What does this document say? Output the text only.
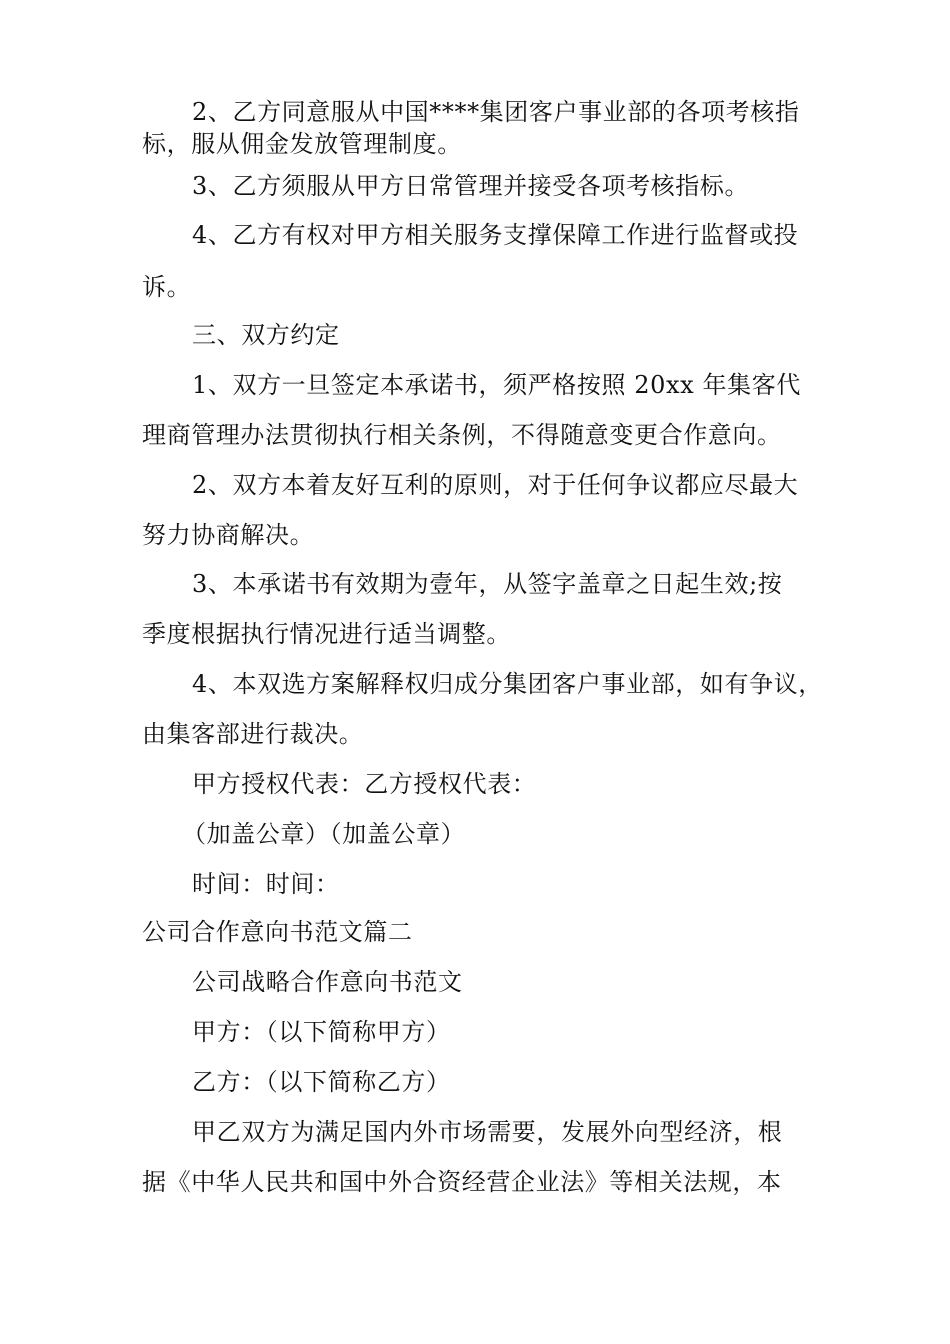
2、乙方同意服从中国****集团客户事业部的各项考核指
标，服从佣金发放管理制度。
3、乙方须服从甲方日常管理并接受各项考核指标。
4、乙方有权对甲方相关服务支撑保障工作进行监督或投
诉。
三、双方约定
1、双方一旦签定本承诺书，须严格按照 20xx 年集客代
理商管理办法贯彻执行相关条例，不得随意变更合作意向。
2、双方本着友好互利的原则，对于任何争议都应尽最大
努力协商解决。
3、本承诺书有效期为壹年，从签字盖章之日起生效;按
季度根据执行情况进行适当调整。
4、本双选方案解释权归成分集团客户事业部，如有争议，
由集客部进行裁决。
甲方授权代表：乙方授权代表：
（加盖公章）（加盖公章）
时间：时间：
公司合作意向书范文篇二
公司战略合作意向书范文
甲方：（以下简称甲方）
乙方：（以下简称乙方）
甲乙双方为满足国内外市场需要，发展外向型经济，根
据《中华人民共和国中外合资经营企业法》等相关法规，本
